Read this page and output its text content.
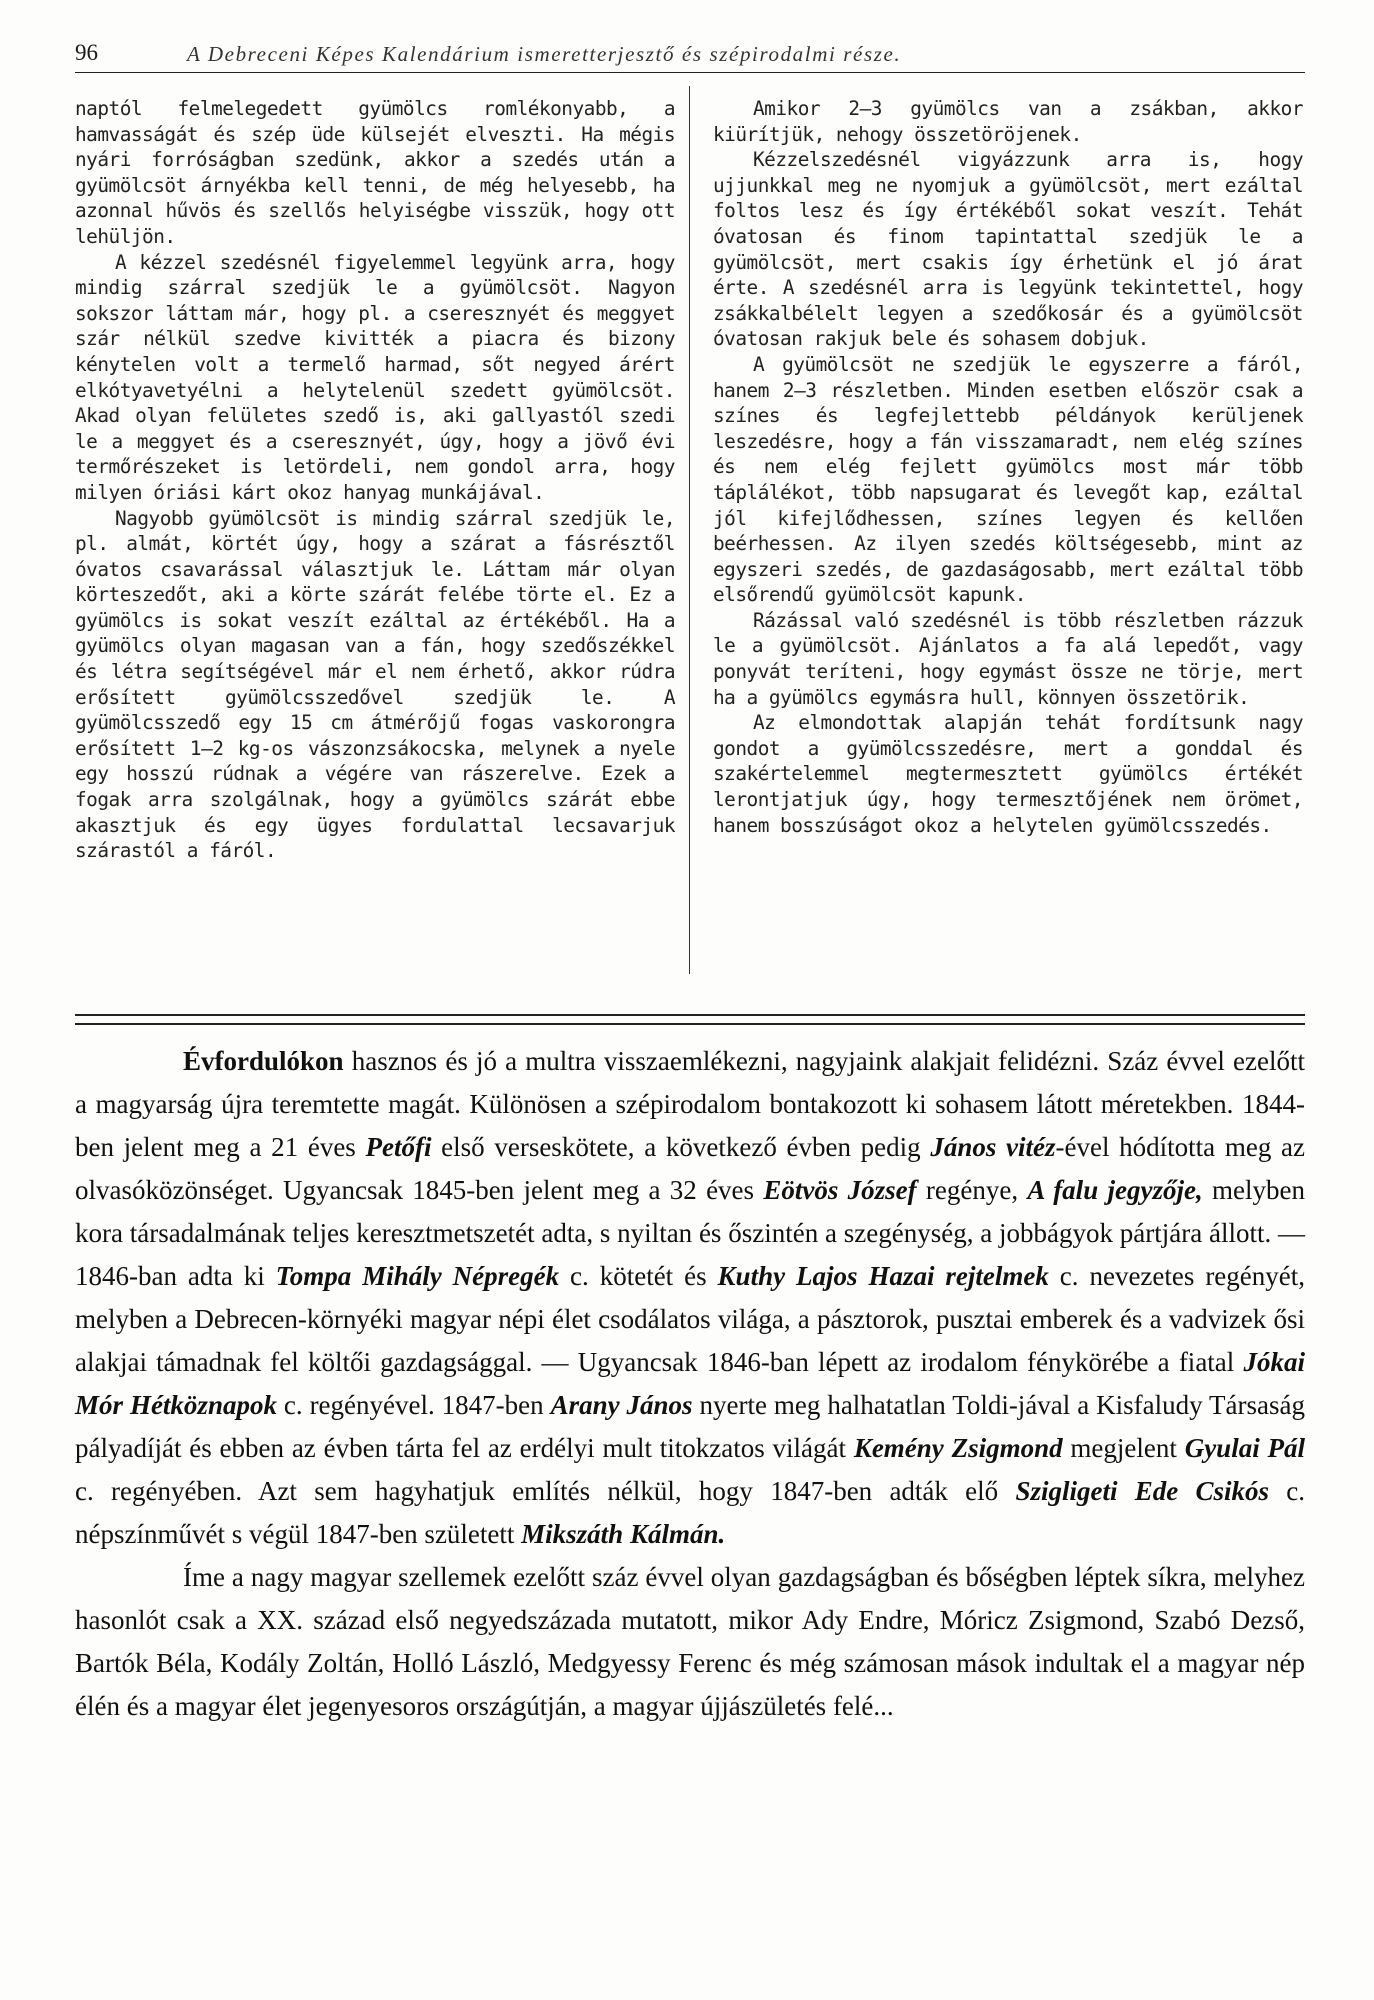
96	A Debreceni Képes Kalendárium ismeretterjesztő és szépirodalmi része.

naptól felmelegedett gyümölcs romlékonyabb, a hamvasságát és szép üde külsejét elveszti. Ha mégis nyári forróságban szedünk, akkor a szedés után a gyümölcsöt árnyékba kell tenni, de még helyesebb, ha azonnal hűvös és szellős helyiségbe visszük, hogy ott lehüljön.

A kézzel szedésnél figyelemmel legyünk arra, hogy mindig szárral szedjük le a gyümölcsöt. Nagyon sokszor láttam már, hogy pl. a cseresznyét és meggyet szár nélkül szedve kivitték a piacra és bizony kénytelen volt a termelő harmad, sőt negyed árért elkótyavetyélni a helytelenül szedett gyümölcsöt. Akad olyan felületes szedő is, aki gallyastól szedi le a meggyet és a cseresznyét, úgy, hogy a jövő évi termőrészeket is letördeli, nem gondol arra, hogy milyen óriási kárt okoz hanyag munkájával.

Nagyobb gyümölcsöt is mindig szárral szedjük le, pl. almát, körtét úgy, hogy a szárat a fásrésztől óvatos csavarással választjuk le. Láttam már olyan körteszedőt, aki a körte szárát felébe törte el. Ez a gyümölcs is sokat veszít ezáltal az értékéből. Ha a gyümölcs olyan magasan van a fán, hogy szedőszékkel és létra segítségével már el nem érhető, akkor rúdra erősített gyümölcsszedővel szedjük le. A gyümölcsszedő egy 15 cm átmérőjű fogas vaskorongra erősített 1—2 kg-os vászonzsákocska, melynek a nyele egy hosszú rúdnak a végére van rászerelve. Ezek a fogak arra szolgálnak, hogy a gyümölcs szárát ebbe akasztjuk és egy ügyes fordulattal lecsavarjuk szárastól a fáról.

Amikor 2—3 gyümölcs van a zsákban, akkor kiürítjük, nehogy összetöröjenek.

Kézzelszedésnél vigyázzunk arra is, hogy ujjunkkal meg ne nyomjuk a gyümölcsöt, mert ezáltal foltos lesz és így értékéből sokat veszít. Tehát óvatosan és finom tapintattal szedjük le a gyümölcsöt, mert csakis így érhetünk el jó árat érte. A szedésnél arra is legyünk tekintettel, hogy zsákkalbélelt legyen a szedőkosár és a gyümölcsöt óvatosan rakjuk bele és sohasem dobjuk.

A gyümölcsöt ne szedjük le egyszerre a fáról, hanem 2—3 részletben. Minden esetben először csak a színes és legfejlettebb példányok kerüljenek leszedésre, hogy a fán visszamaradt, nem elég színes és nem elég fejlett gyümölcs most már több táplálékot, több napsugarat és levegőt kap, ezáltal jól kifejlődhessen, színes legyen és kellően beérhessen. Az ilyen szedés költségesebb, mint az egyszeri szedés, de gazdaságosabb, mert ezáltal több elsőrendű gyümölcsöt kapunk.

Rázással való szedésnél is több részletben rázzuk le a gyümölcsöt. Ajánlatos a fa alá lepedőt, vagy ponyvát teríteni, hogy egymást össze ne törje, mert ha a gyümölcs egymásra hull, könnyen összetörik.

Az elmondottak alapján tehát fordítsunk nagy gondot a gyümölcsszedésre, mert a gonddal és szakértelemmel megtermesztett gyümölcs értékét lerontjatjuk úgy, hogy termesztőjének nem örömet, hanem bosszúságot okoz a helytelen gyümölcsszedés.

Évfordulókon hasznos és jó a multra visszaemlékezni, nagyjaink alakjait felidézni. Száz évvel ezelőtt a magyarság újra teremtette magát. Különösen a szépirodalom bontakozott ki sohasem látott méretekben. 1844-ben jelent meg a 21 éves Petőfi első verseskötete, a következő évben pedig János vitéz-ével hódította meg az olvasóközönséget. Ugyancsak 1845-ben jelent meg a 32 éves Eötvös József regénye, A falu jegyzője, melyben kora társadalmának teljes keresztmetszetét adta, s nyiltan és őszintén a szegénység, a jobbágyok pártjára állott. — 1846-ban adta ki Tompa Mihály Népregék c. kötetét és Kuthy Lajos Hazai rejtelmek c. nevezetes regényét, melyben a Debrecen-környéki magyar népi élet csodálatos világa, a pásztorok, pusztai emberek és a vadvizek ősi alakjai támadnak fel költői gazdagsággal. — Ugyancsak 1846-ban lépett az irodalom fénykörébe a fiatal Jókai Mór Hétköznapok c. regényével. 1847-ben Arany János nyerte meg halhatatlan Toldi-jával a Kisfaludy Társaság pályadíját és ebben az évben tárta fel az erdélyi mult titokzatos világát Kemény Zsigmond megjelent Gyulai Pál c. regényében. Azt sem hagyhatjuk említés nélkül, hogy 1847-ben adták elő Szigligeti Ede Csikós c. népszínművét s végül 1847-ben született Mikszáth Kálmán.

Íme a nagy magyar szellemek ezelőtt száz évvel olyan gazdagságban és bőségben léptek síkra, melyhez hasonlót csak a XX. század első negyedszázada mutatott, mikor Ady Endre, Móricz Zsigmond, Szabó Dezső, Bartók Béla, Kodály Zoltán, Holló László, Medgyessy Ferenc és még számosan mások indultak el a magyar nép élén és a magyar élet jegenyesoros országútján, a magyar újjászületés felé...
